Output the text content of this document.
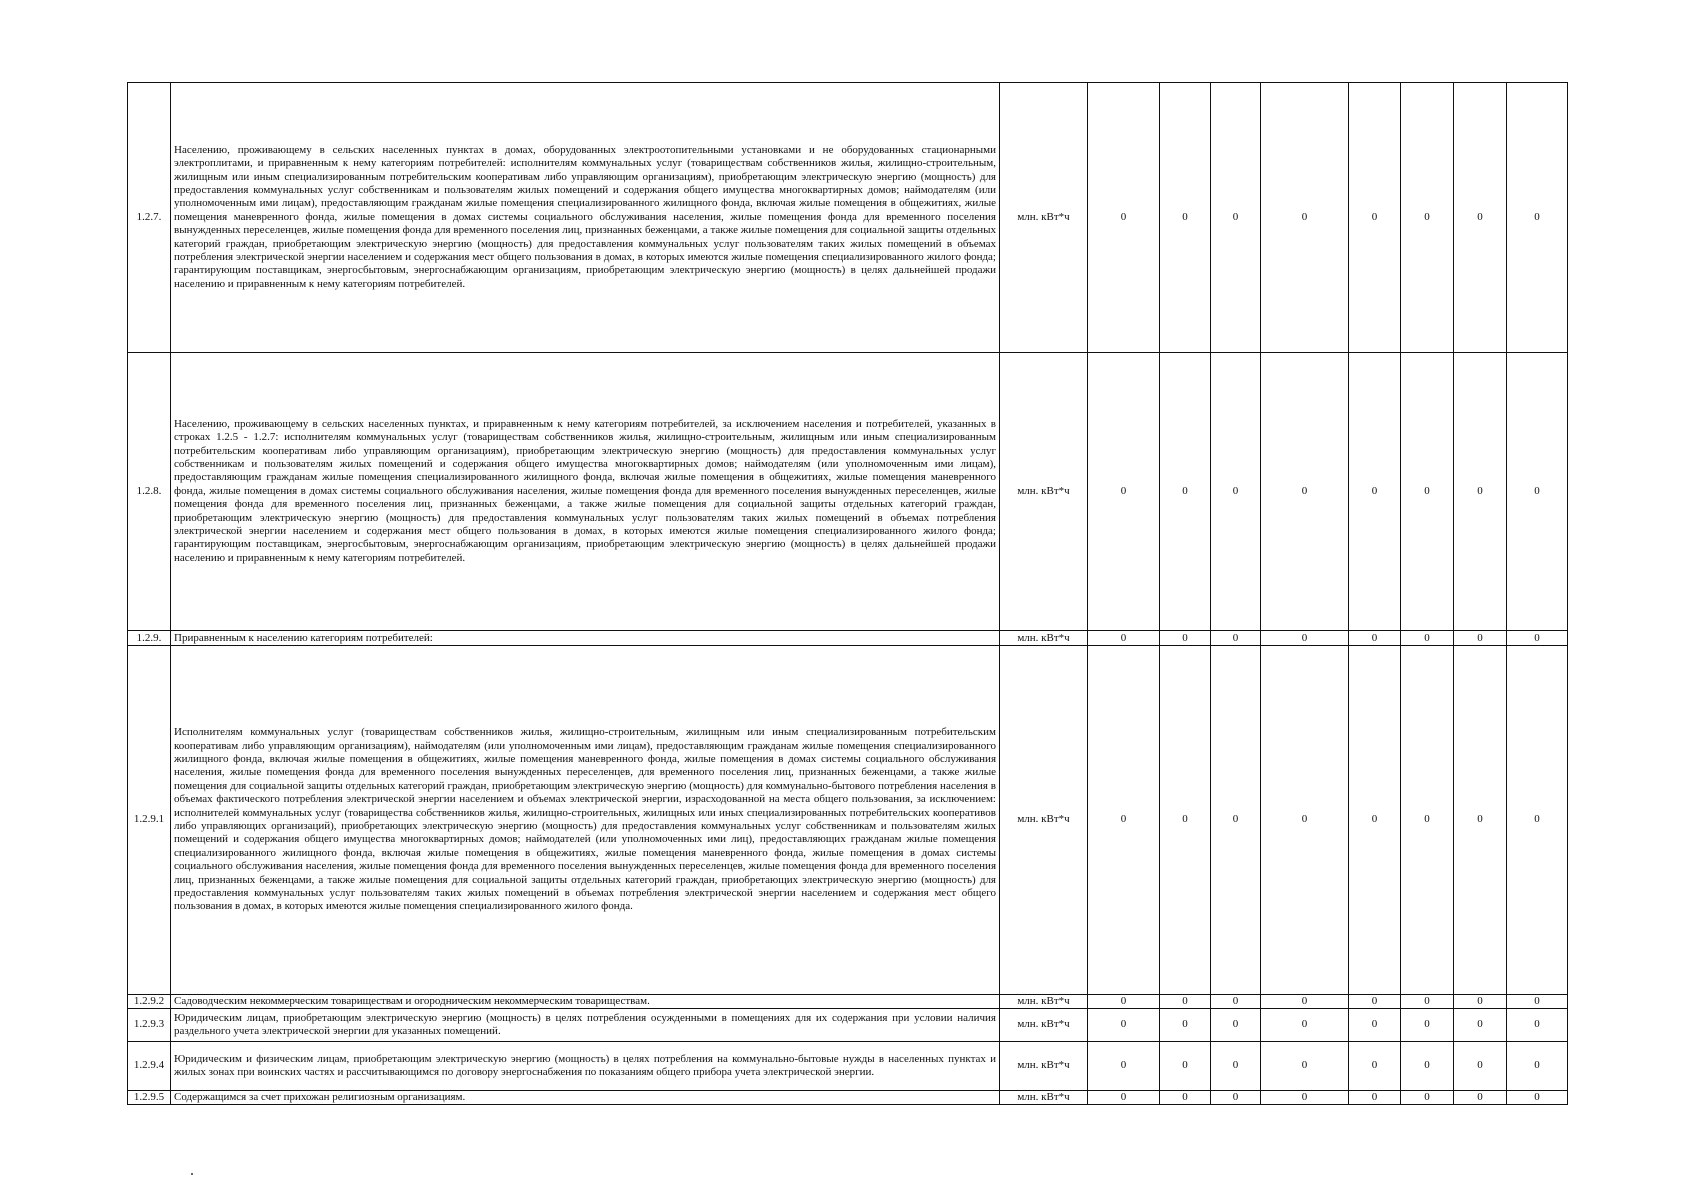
1.2.7.	Населению, проживающему в сельских населенных пунктах в домах, оборудованных электроотопительными установками и не оборудованных стационарными электроплитами, и приравненным к нему категориям потребителей: исполнителям коммунальных услуг (товариществам собственников жилья, жилищно-строительным, жилищным или иным специализированным потребительским кооперативам либо управляющим организациям), приобретающим электрическую энергию (мощность) для предоставления коммунальных услуг собственникам и пользователям жилых помещений и содержания общего имущества многоквартирных домов; наймодателям (или уполномоченным ими лицам), предоставляющим гражданам жилые помещения специализированного жилищного фонда, включая жилые помещения в общежитиях, жилые помещения маневренного фонда, жилые помещения в домах системы социального обслуживания населения, жилые помещения фонда для временного поселения вынужденных переселенцев, жилые помещения фонда для временного поселения лиц, признанных беженцами, а также жилые помещения для социальной защиты отдельных категорий граждан, приобретающим электрическую энергию (мощность) для предоставления коммунальных услуг пользователям таких жилых помещений в объемах потребления электрической энергии населением и содержания мест общего пользования в домах, в которых имеются жилые помещения специализированного жилого фонда; гарантирующим поставщикам, энергосбытовым, энергоснабжающим организациям, приобретающим электрическую энергию (мощность) в целях дальнейшей продажи населению и приравненным к нему категориям потребителей.	млн. кВт*ч	0	0	0	0	0	0	0	0
1.2.8.	Населению, проживающему в сельских населенных пунктах, и приравненным к нему категориям потребителей, за исключением населения и потребителей, указанных в строках 1.2.5 - 1.2.7: исполнителям коммунальных услуг (товариществам собственников жилья, жилищно-строительным, жилищным или иным специализированным потребительским кооперативам либо управляющим организациям), приобретающим электрическую энергию (мощность) для предоставления коммунальных услуг собственникам и пользователям жилых помещений и содержания общего имущества многоквартирных домов; наймодателям (или уполномоченным ими лицам), предоставляющим гражданам жилые помещения специализированного жилищного фонда, включая жилые помещения в общежитиях, жилые помещения маневренного фонда, жилые помещения в домах системы социального обслуживания населения, жилые помещения фонда для временного поселения вынужденных переселенцев, жилые помещения фонда для временного поселения лиц, признанных беженцами, а также жилые помещения для социальной защиты отдельных категорий граждан, приобретающим электрическую энергию (мощность) для предоставления коммунальных услуг пользователям таких жилых помещений в объемах потребления электрической энергии населением и содержания мест общего пользования в домах, в которых имеются жилые помещения специализированного жилого фонда; гарантирующим поставщикам, энергосбытовым, энергоснабжающим организациям, приобретающим электрическую энергию (мощность) в целях дальнейшей продажи населению и приравненным к нему категориям потребителей.	млн. кВт*ч	0	0	0	0	0	0	0	0
1.2.9.	Приравненным к населению категориям потребителей:	млн. кВт*ч	0	0	0	0	0	0	0	0
1.2.9.1	Исполнителям коммунальных услуг (товариществам собственников жилья, жилищно-строительным, жилищным или иным специализированным потребительским кооперативам либо управляющим организациям), наймодателям (или уполномоченным ими лицам), предоставляющим гражданам жилые помещения специализированного жилищного фонда, включая жилые помещения в общежитиях, жилые помещения маневренного фонда, жилые помещения в домах системы социального обслуживания населения, жилые помещения фонда для временного поселения вынужденных переселенцев, для временного поселения лиц, признанных беженцами, а также жилые помещения для социальной защиты отдельных категорий граждан, приобретающим электрическую энергию (мощность) для коммунально-бытового потребления населения в объемах фактического потребления электрической энергии населением и объемах электрической энергии, израсходованной на места общего пользования, за исключением: исполнителей коммунальных услуг (товарищества собственников жилья, жилищно-строительных, жилищных или иных специализированных потребительских кооперативов либо управляющих организаций), приобретающих электрическую энергию (мощность) для предоставления коммунальных услуг собственникам и пользователям жилых помещений и содержания общего имущества многоквартирных домов; наймодателей (или уполномоченных ими лиц), предоставляющих гражданам жилые помещения специализированного жилищного фонда, включая жилые помещения в общежитиях, жилые помещения маневренного фонда, жилые помещения в домах системы социального обслуживания населения, жилые помещения фонда для временного поселения вынужденных переселенцев, жилые помещения фонда для временного поселения лиц, признанных беженцами, а также жилые помещения для социальной защиты отдельных категорий граждан, приобретающих электрическую энергию (мощность) для предоставления коммунальных услуг пользователям таких жилых помещений в объемах потребления электрической энергии населением и содержания мест общего пользования в домах, в которых имеются жилые помещения специализированного жилого фонда.	млн. кВт*ч	0	0	0	0	0	0	0	0
1.2.9.2	Садоводческим некоммерческим товариществам и огородническим некоммерческим товариществам.	млн. кВт*ч	0	0	0	0	0	0	0	0
1.2.9.3	Юридическим лицам, приобретающим электрическую энергию (мощность) в целях потребления осужденными в помещениях для их содержания при условии наличия раздельного учета электрической энергии для указанных помещений.	млн. кВт*ч	0	0	0	0	0	0	0	0
1.2.9.4	Юридическим и физическим лицам, приобретающим электрическую энергию (мощность) в целях потребления на коммунально-бытовые нужды в населенных пунктах и жилых зонах при воинских частях и рассчитывающимся по договору энергоснабжения по показаниям общего прибора учета электрической энергии.	млн. кВт*ч	0	0	0	0	0	0	0	0
1.2.9.5	Содержащимся за счет прихожан религиозным организациям.	млн. кВт*ч	0	0	0	0	0	0	0	0
